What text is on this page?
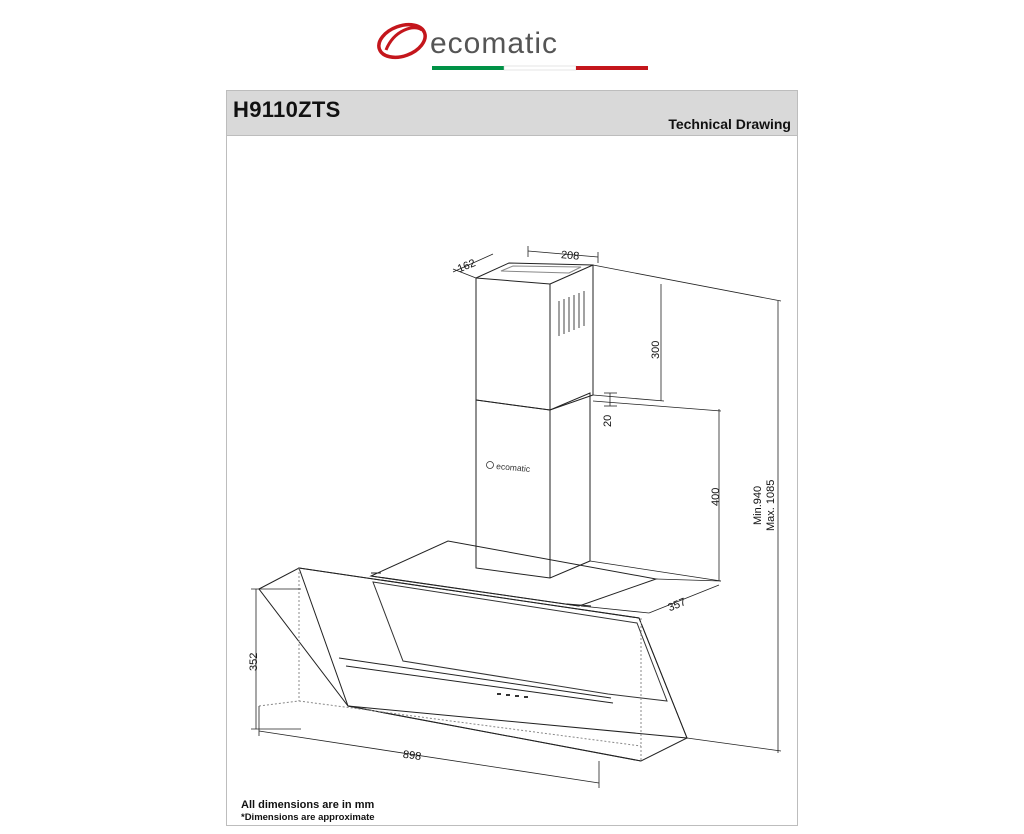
ecomatic
H9110ZTS
Technical Drawing
162
208
300
20
400	Min.940 Max. 1085
357
352
898
ecomatic
All dimensions are in mm
*Dimensions are approximate
